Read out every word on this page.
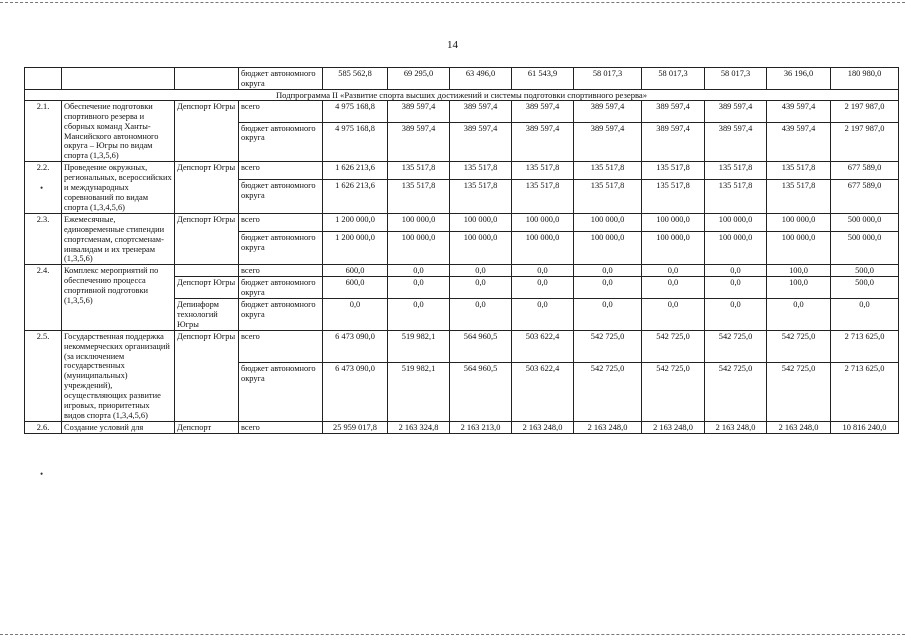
14
•
•
			бюджет автономного округа	585 562,8	69 295,0	63 496,0	61 543,9	58 017,3	58 017,3	58 017,3	36 196,0	180 980,0
Подпрограмма II «Развитие спорта высших достижений и системы подготовки спортивного резерва»												
2.1.	Обеспечение подготовки спортивного резерва и сборных команд Ханты-Мансийского автономного округа – Югры по видам спорта (1,3,5,6)	Депспорт Югры	всего	4 975 168,8	389 597,4	389 597,4	389 597,4	389 597,4	389 597,4	389 597,4	439 597,4	2 197 987,0
			бюджет автономного округа	4 975 168,8	389 597,4	389 597,4	389 597,4	389 597,4	389 597,4	389 597,4	439 597,4	2 197 987,0
2.2.	Проведение окружных, региональных, всероссийских и международных соревнований по видам спорта (1,3,4,5,6)	Депспорт Югры	всего	1 626 213,6	135 517,8	135 517,8	135 517,8	135 517,8	135 517,8	135 517,8	135 517,8	677 589,0
			бюджет автономного округа	1 626 213,6	135 517,8	135 517,8	135 517,8	135 517,8	135 517,8	135 517,8	135 517,8	677 589,0
2.3.	Ежемесячные, единовременные стипендии спортсменам, спортсменам-инвалидам и их тренерам (1,3,5,6)	Депспорт Югры	всего	1 200 000,0	100 000,0	100 000,0	100 000,0	100 000,0	100 000,0	100 000,0	100 000,0	500 000,0
			бюджет автономного округа	1 200 000,0	100 000,0	100 000,0	100 000,0	100 000,0	100 000,0	100 000,0	100 000,0	500 000,0
2.4.	Комплекс мероприятий по обеспечению процесса спортивной подготовки (1,3,5,6)		всего	600,0	0,0	0,0	0,0	0,0	0,0	0,0	100,0	500,0
		Депспорт Югры	бюджет автономного округа	600,0	0,0	0,0	0,0	0,0	0,0	0,0	100,0	500,0
		Депинформ технологий Югры	бюджет автономного округа	0,0	0,0	0,0	0,0	0,0	0,0	0,0	0,0	0,0
2.5.	Государственная поддержка некоммерческих организаций (за исключением государственных (муниципальных) учреждений), осуществляющих развитие игровых, приоритетных видов спорта (1,3,4,5,6)	Депспорт Югры	всего	6 473 090,0	519 982,1	564 960,5	503 622,4	542 725,0	542 725,0	542 725,0	542 725,0	2 713 625,0
			бюджет автономного округа	6 473 090,0	519 982,1	564 960,5	503 622,4	542 725,0	542 725,0	542 725,0	542 725,0	2 713 625,0
2.6.	Создание условий для	Депспорт	всего	25 959 017,8	2 163 324,8	2 163 213,0	2 163 248,0	2 163 248,0	2 163 248,0	2 163 248,0	2 163 248,0	10 816 240,0
